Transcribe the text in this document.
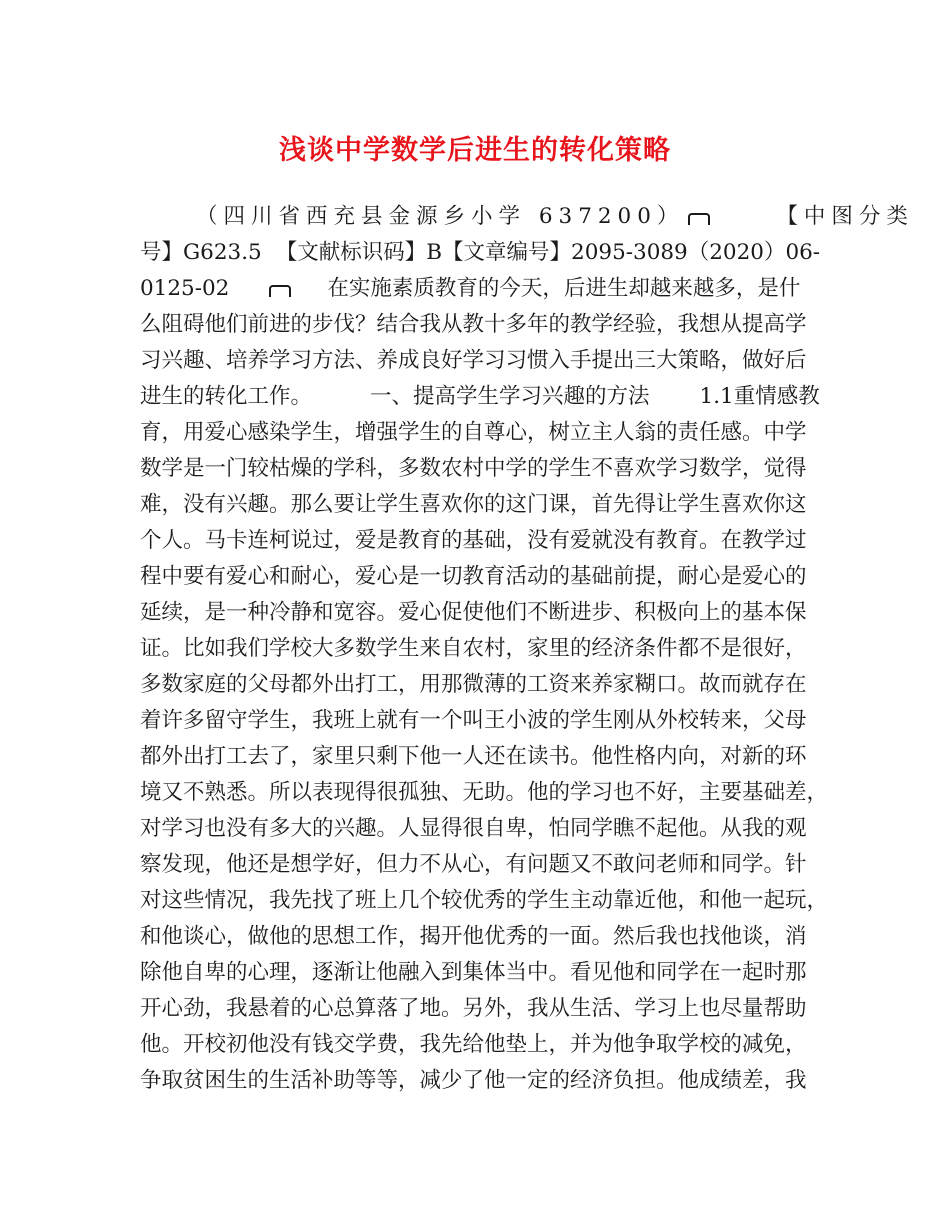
浅谈中学数学后进生的转化策略
（四川省西充县金源乡小学 637200）	【中图分类
号】G623.5 【文献标识码】B【文章编号】2095-3089（2020）06-
0125-02	在实施素质教育的今天，后进生却越来越多，是什
么阻碍他们前进的步伐？结合我从教十多年的教学经验，我想从提高学
习兴趣、培养学习方法、养成良好学习习惯入手提出三大策略，做好后
进生的转化工作。	一、提高学生学习兴趣的方法 1.1重情感教
育，用爱心感染学生，增强学生的自尊心，树立主人翁的责任感。中学
数学是一门较枯燥的学科，多数农村中学的学生不喜欢学习数学，觉得
难，没有兴趣。那么要让学生喜欢你的这门课，首先得让学生喜欢你这
个人。马卡连柯说过，爱是教育的基础，没有爱就没有教育。在教学过
程中要有爱心和耐心，爱心是一切教育活动的基础前提，耐心是爱心的
延续，是一种冷静和宽容。爱心促使他们不断进步、积极向上的基本保
证。比如我们学校大多数学生来自农村，家里的经济条件都不是很好，
多数家庭的父母都外出打工，用那微薄的工资来养家糊口。故而就存在
着许多留守学生，我班上就有一个叫王小波的学生刚从外校转来，父母
都外出打工去了，家里只剩下他一人还在读书。他性格内向，对新的环
境又不熟悉。所以表现得很孤独、无助。他的学习也不好，主要基础差，
对学习也没有多大的兴趣。人显得很自卑，怕同学瞧不起他。从我的观
察发现，他还是想学好，但力不从心，有问题又不敢问老师和同学。针
对这些情况，我先找了班上几个较优秀的学生主动靠近他，和他一起玩，
和他谈心，做他的思想工作，揭开他优秀的一面。然后我也找他谈，消
除他自卑的心理，逐渐让他融入到集体当中。看见他和同学在一起时那
开心劲，我悬着的心总算落了地。另外，我从生活、学习上也尽量帮助
他。开校初他没有钱交学费，我先给他垫上，并为他争取学校的减免，
争取贫困生的生活补助等等，减少了他一定的经济负担。他成绩差，我
